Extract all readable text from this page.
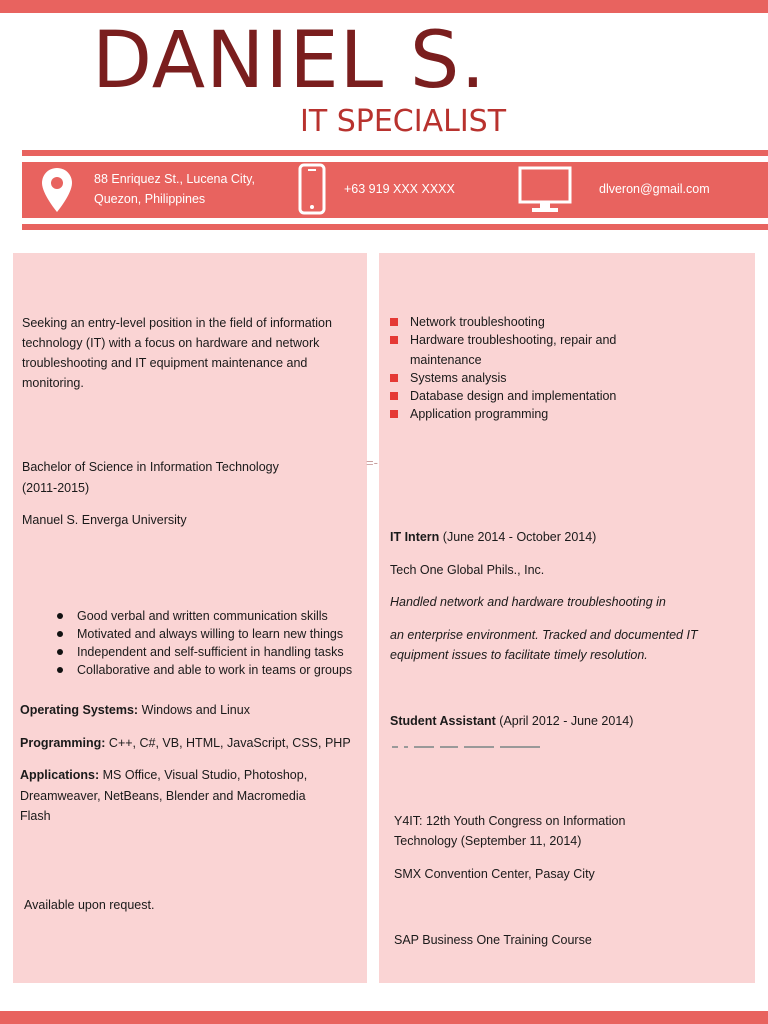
DANIEL S.
IT SPECIALIST
88 Enriquez St., Lucena City,
Quezon, Philippines
+63 919 XXX XXXX	dlveron@gmail.com
Seeking an entry-level position in the field of information
technology (IT) with a focus on hardware and network
troubleshooting and IT equipment maintenance and
monitoring.
Bachelor of Science in Information Technology
(2011-2015)
Manuel S. Enverga University
Good verbal and written communication skills
Motivated and always willing to learn new things
Independent and self-sufficient in handling tasks
Collaborative and able to work in teams or groups
Operating Systems: Windows and Linux
Programming: C++, C#, VB, HTML, JavaScript, CSS, PHP
Applications: MS Office, Visual Studio, Photoshop,
Dreamweaver, NetBeans, Blender and Macromedia
Flash
Available upon request.
=-
Network troubleshooting
Hardware troubleshooting, repair and
maintenance
Systems analysis
Database design and implementation
Application programming
IT Intern (June 2014 - October 2014)
Tech One Global Phils., Inc.
Handled network and hardware troubleshooting in
an enterprise environment. Tracked and documented IT
equipment issues to facilitate timely resolution.
Student Assistant (April 2012 - June 2014)
Y4IT: 12th Youth Congress on Information
Technology (September 11, 2014)
SMX Convention Center, Pasay City
SAP Business One Training Course
